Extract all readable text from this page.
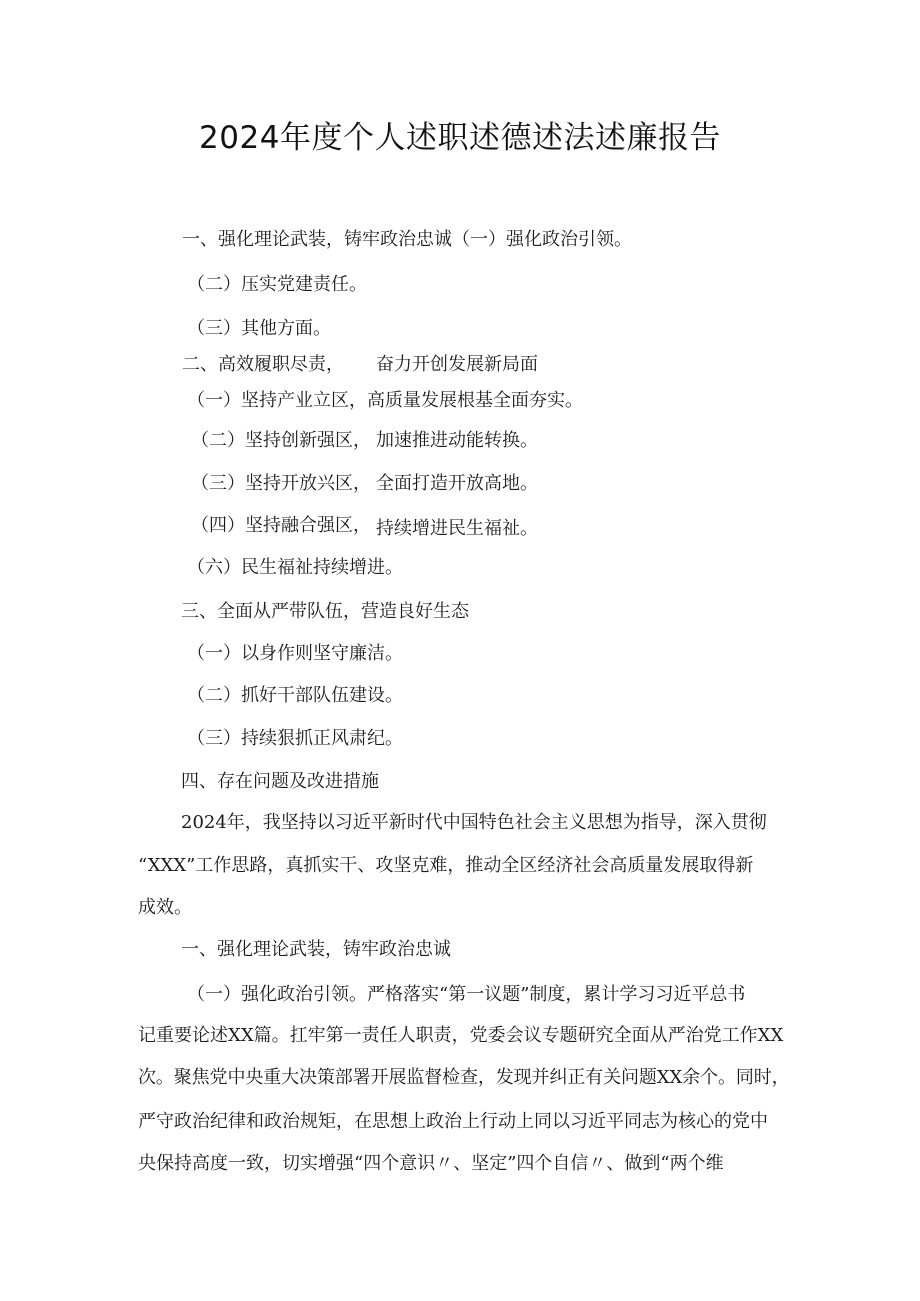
2024年度个人述职述德述法述廉报告
一、强化理论武装，铸牢政治忠诚（一）强化政治引领。
（二）压实党建责任。
（三）其他方面。
二、高效履职尽责， 奋力开创发展新局面
（一）坚持产业立区，高质量发展根基全面夯实。
（二）坚持创新强区， 加速推进动能转换。
（三）坚持开放兴区， 全面打造开放高地。
（四）坚持融合强区， 持续增进民生福祉。
（六）民生福祉持续增进。
三、全面从严带队伍，营造良好生态
（一）以身作则坚守廉洁。
（二）抓好干部队伍建设。
（三）持续狠抓正风肃纪。
四、存在问题及改进措施
2024年，我坚持以习近平新时代中国特色社会主义思想为指导，深入贯彻
“XXX”工作思路，真抓实干、攻坚克难，推动全区经济社会高质量发展取得新
成效。
一、强化理论武装，铸牢政治忠诚
（一）强化政治引领。严格落实“第一议题”制度，累计学习习近平总书
记重要论述XX篇。扛牢第一责任人职责，党委会议专题研究全面从严治党工作XX
次。聚焦党中央重大决策部署开展监督检查，发现并纠正有关问题XX余个。同时，
严守政治纪律和政治规矩，在思想上政治上行动上同以习近平同志为核心的党中
央保持高度一致，切实增强“四个意识〃、坚定”四个自信〃、做到“两个维
